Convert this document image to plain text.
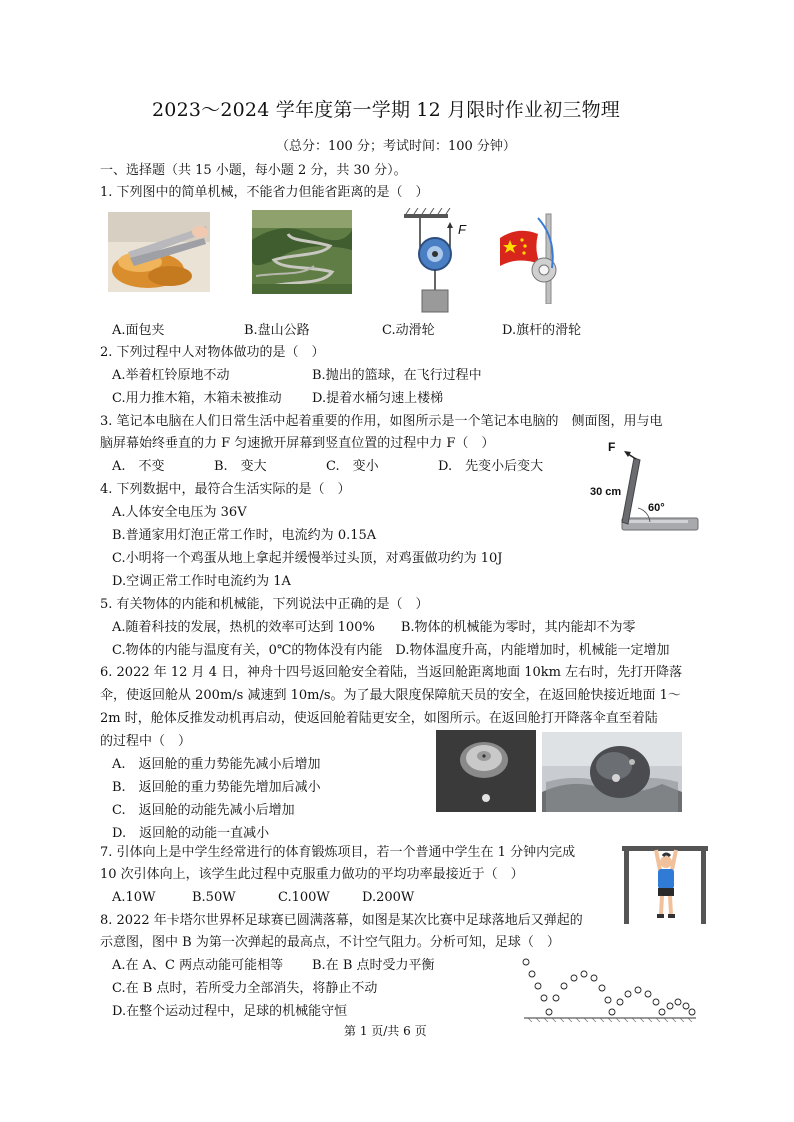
2023～2024 学年度第一学期 12 月限时作业初三物理
（总分：100 分；考试时间：100 分钟）
一、选择题（共 15 小题，每小题 2 分，共 30 分）。
1. 下列图中的简单机械，不能省力但能省距离的是（　）
F
A.面包夹	B.盘山公路	C.动滑轮	D.旗杆的滑轮
2. 下列过程中人对物体做功的是（　）
A.举着杠铃原地不动	B.抛出的篮球，在飞行过程中
C.用力推木箱，木箱未被推动 D.提着水桶匀速上楼梯
3. 笔记本电脑在人们日常生活中起着重要的作用，如图所示是一个笔记本电脑的　侧面图，用与电
脑屏幕始终垂直的力 F 匀速掀开屏幕到竖直位置的过程中力 F（　）
A.　不变	B.　变大	C.　变小	D.　先变小后变大
F
30 cm
60°
4. 下列数据中，最符合生活实际的是（　）
A.人体安全电压为 36V
B.普通家用灯泡正常工作时，电流约为 0.15A
C.小明将一个鸡蛋从地上拿起并缓慢举过头顶，对鸡蛋做功约为 10J
D.空调正常工作时电流约为 1A
5. 有关物体的内能和机械能，下列说法中正确的是（　）
A.随着科技的发展，热机的效率可达到 100%　　B.物体的机械能为零时，其内能却不为零
C.物体的内能与温度有关，0℃的物体没有内能　D.物体温度升高，内能增加时，机械能一定增加
6. 2022 年 12 月 4 日，神舟十四号返回舱安全着陆，当返回舱距离地面 10km 左右时，先打开降落
伞，使返回舱从 200m/s 减速到 10m/s。为了最大限度保障航天员的安全，在返回舱快接近地面 1～
2m 时，舱体反推发动机再启动，使返回舱着陆更安全，如图所示。在返回舱打开降落伞直至着陆
的过程中（　）
A.　返回舱的重力势能先减小后增加
B.　返回舱的重力势能先增加后减小
C.　返回舱的动能先减小后增加
D.　返回舱的动能一直减小
7. 引体向上是中学生经常进行的体育锻炼项目，若一个普通中学生在 1 分钟内完成
10 次引体向上，该学生此过程中克服重力做功的平均功率最接近于（　）
A.10W	B.50W	C.100W D.200W
8. 2022 年卡塔尔世界杯足球赛已圆满落幕，如图是某次比赛中足球落地后又弹起的
示意图，图中 B 为第一次弹起的最高点，不计空气阻力。分析可知，足球（　）
A.在 A、C 两点动能可能相等 B.在 B 点时受力平衡
C.在 B 点时，若所受力全部消失，将静止不动
D.在整个运动过程中，足球的机械能守恒
第 1 页/共 6 页
